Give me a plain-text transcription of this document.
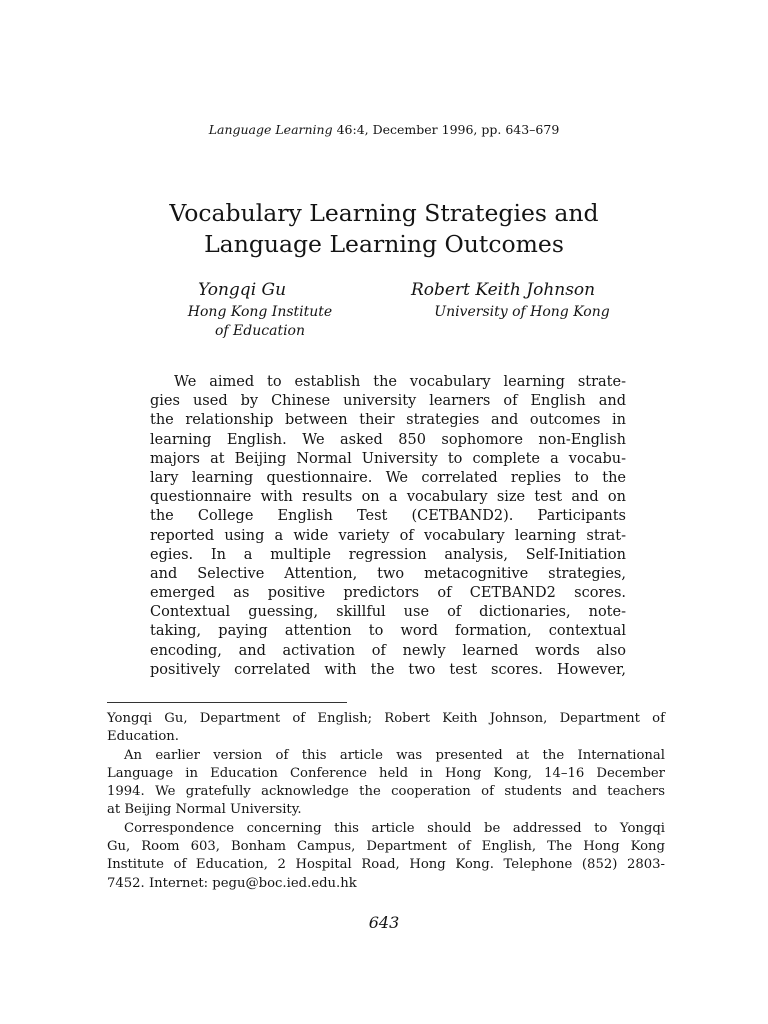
Language Learning 46:4, December 1996, pp. 643–679
Vocabulary Learning Strategies and
Language Learning Outcomes
Yongqi Gu
Hong Kong Institute
of Education
Robert Keith Johnson
University of Hong Kong
We aimed to establish the vocabulary learning strate-
gies used by Chinese university learners of English and
the relationship between their strategies and outcomes in
learning English. We asked 850 sophomore non-English
majors at Beijing Normal University to complete a vocabu-
lary learning questionnaire. We correlated replies to the
questionnaire with results on a vocabulary size test and on
the College English Test (CETBAND2). Participants
reported using a wide variety of vocabulary learning strat-
egies. In a multiple regression analysis, Self-Initiation
and Selective Attention, two metacognitive strategies,
emerged as positive predictors of CETBAND2 scores.
Contextual guessing, skillful use of dictionaries, note-
taking, paying attention to word formation, contextual
encoding, and activation of newly learned words also
positively correlated with the two test scores. However,
Yongqi Gu, Department of English; Robert Keith Johnson, Department of
Education.
An earlier version of this article was presented at the International
Language in Education Conference held in Hong Kong, 14–16 December
1994. We gratefully acknowledge the cooperation of students and teachers
at Beijing Normal University.
Correspondence concerning this article should be addressed to Yongqi
Gu, Room 603, Bonham Campus, Department of English, The Hong Kong
Institute of Education, 2 Hospital Road, Hong Kong. Telephone (852) 2803-
7452. Internet: pegu@boc.ied.edu.hk
643
